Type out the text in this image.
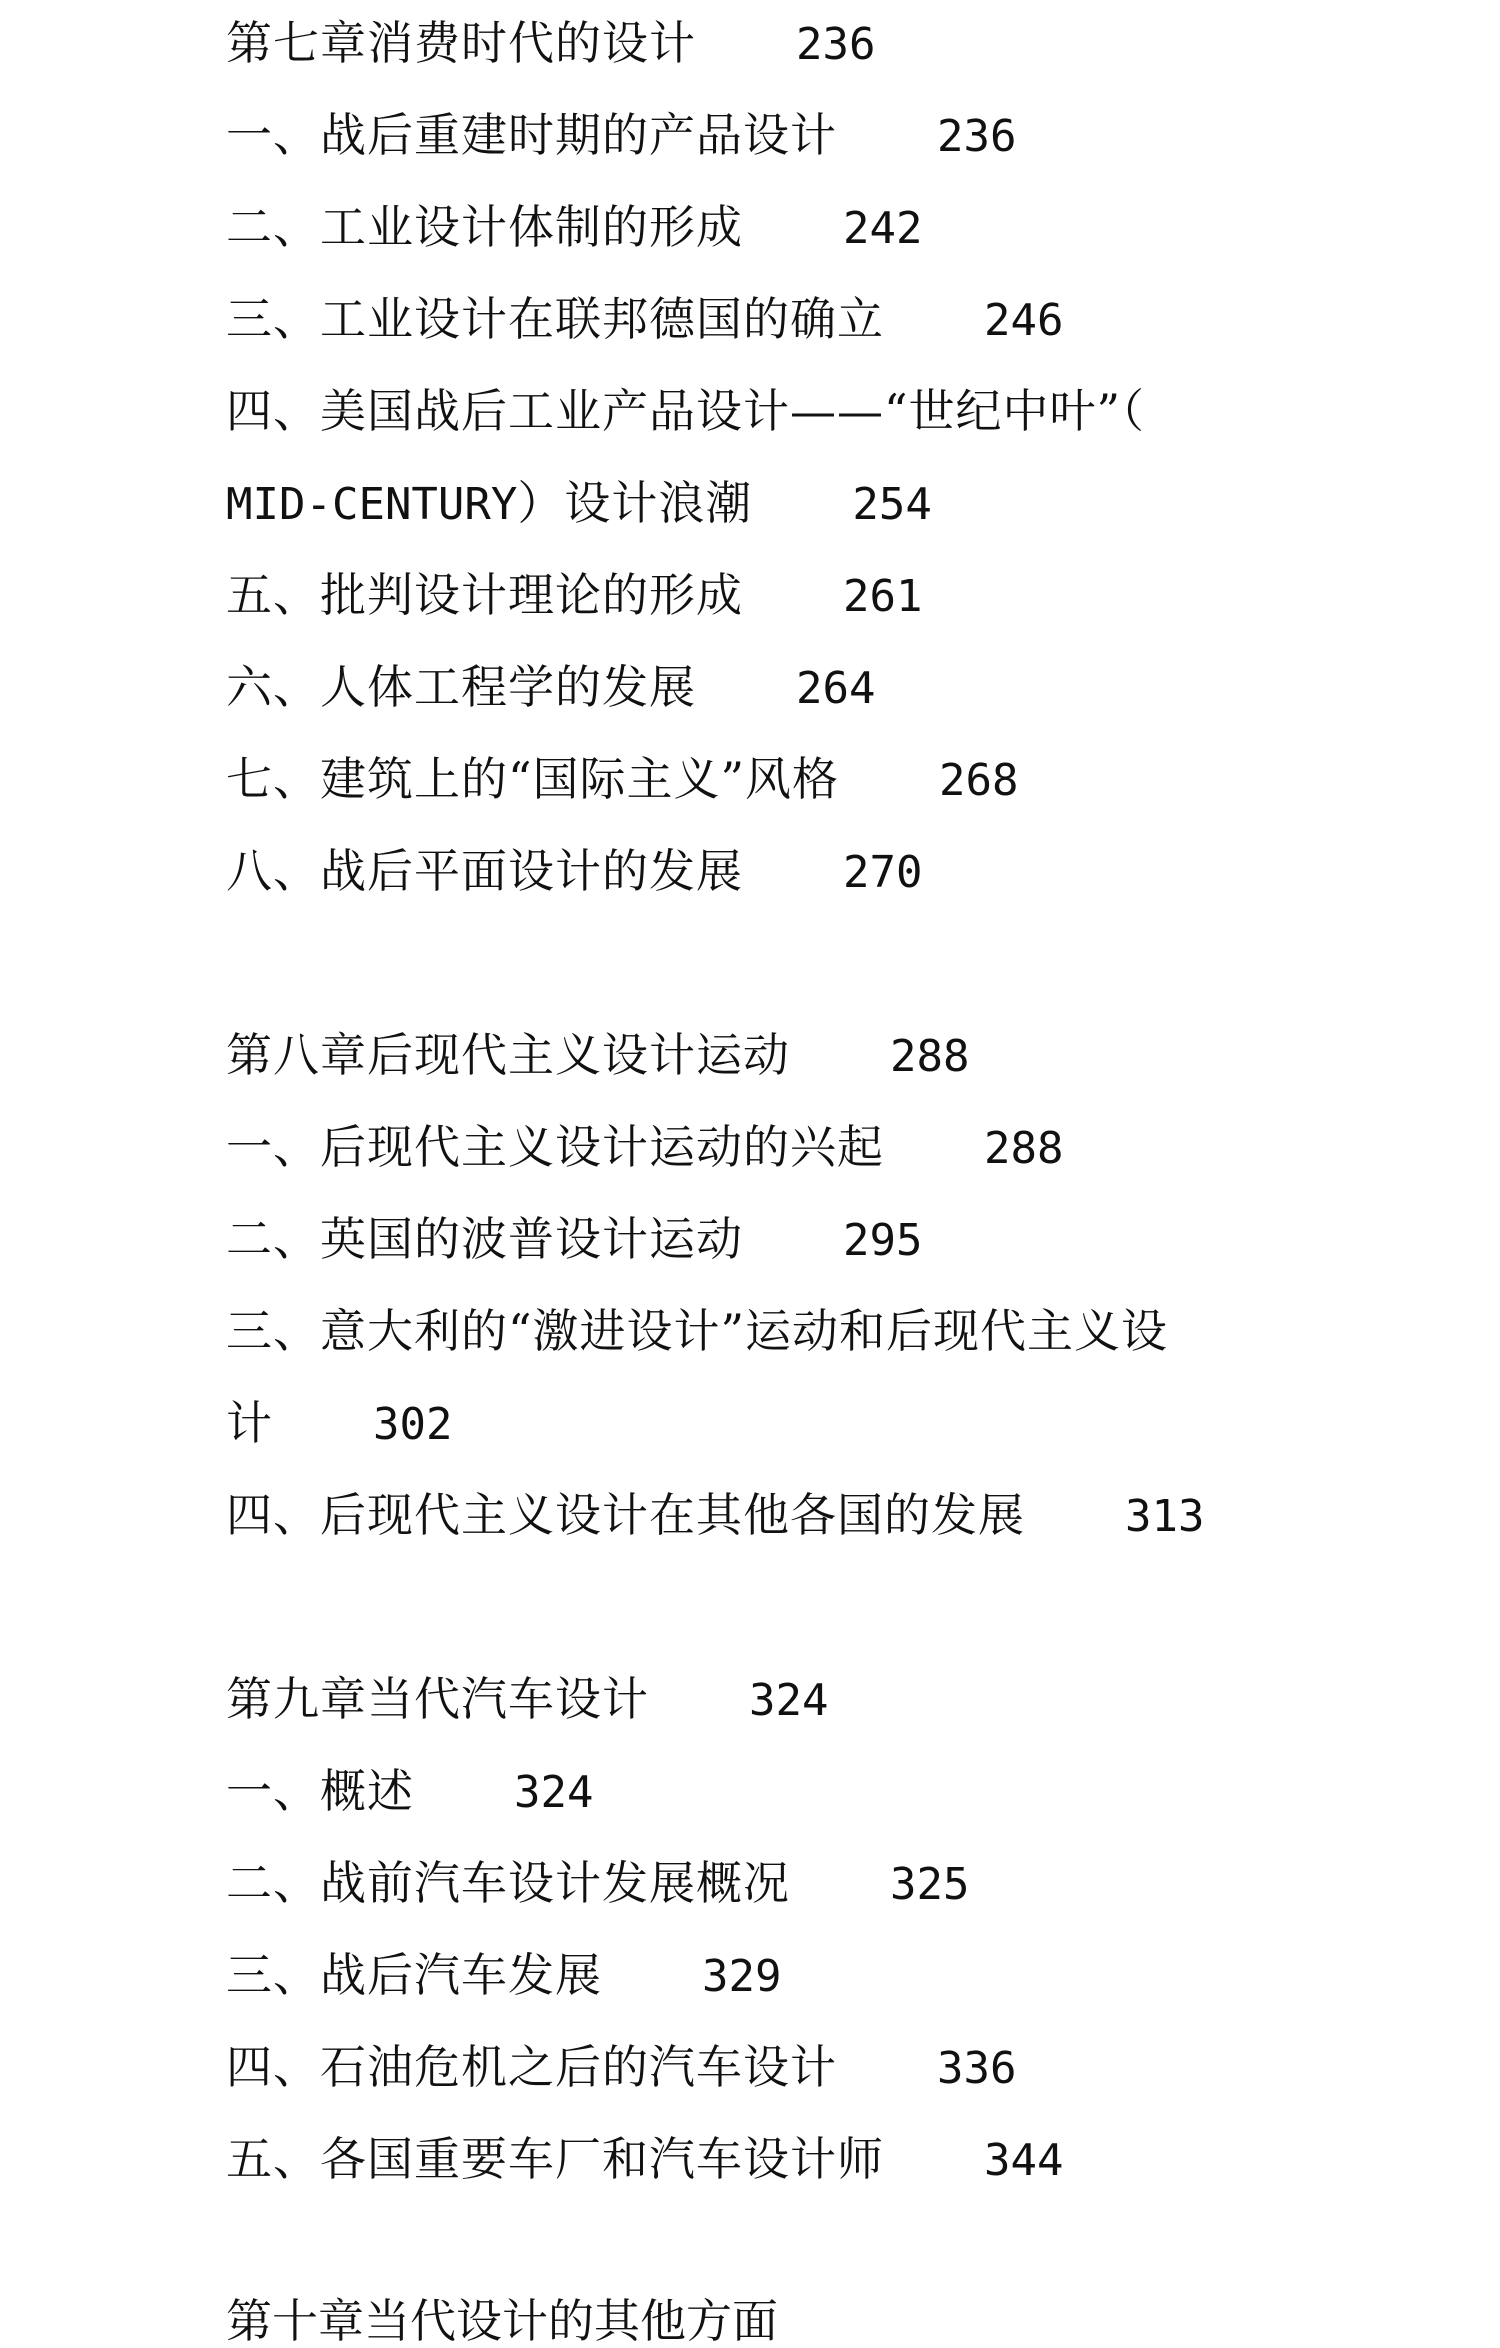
第七章消费时代的设计 236
一、战后重建时期的产品设计 236
二、工业设计体制的形成 242
三、工业设计在联邦德国的确立 246
四、美国战后工业产品设计——“世纪中叶”（
MID-CENTURY）设计浪潮 254
五、批判设计理论的形成 261
六、人体工程学的发展 264
七、建筑上的“国际主义”风格 268
八、战后平面设计的发展 270
第八章后现代主义设计运动 288
一、后现代主义设计运动的兴起 288
二、英国的波普设计运动 295
三、意大利的“激进设计”运动和后现代主义设
计 302
四、后现代主义设计在其他各国的发展 313
第九章当代汽车设计 324
一、概述 324
二、战前汽车设计发展概况 325
三、战后汽车发展 329
四、石油危机之后的汽车设计 336
五、各国重要车厂和汽车设计师 344
第十章当代设计的其他方面
